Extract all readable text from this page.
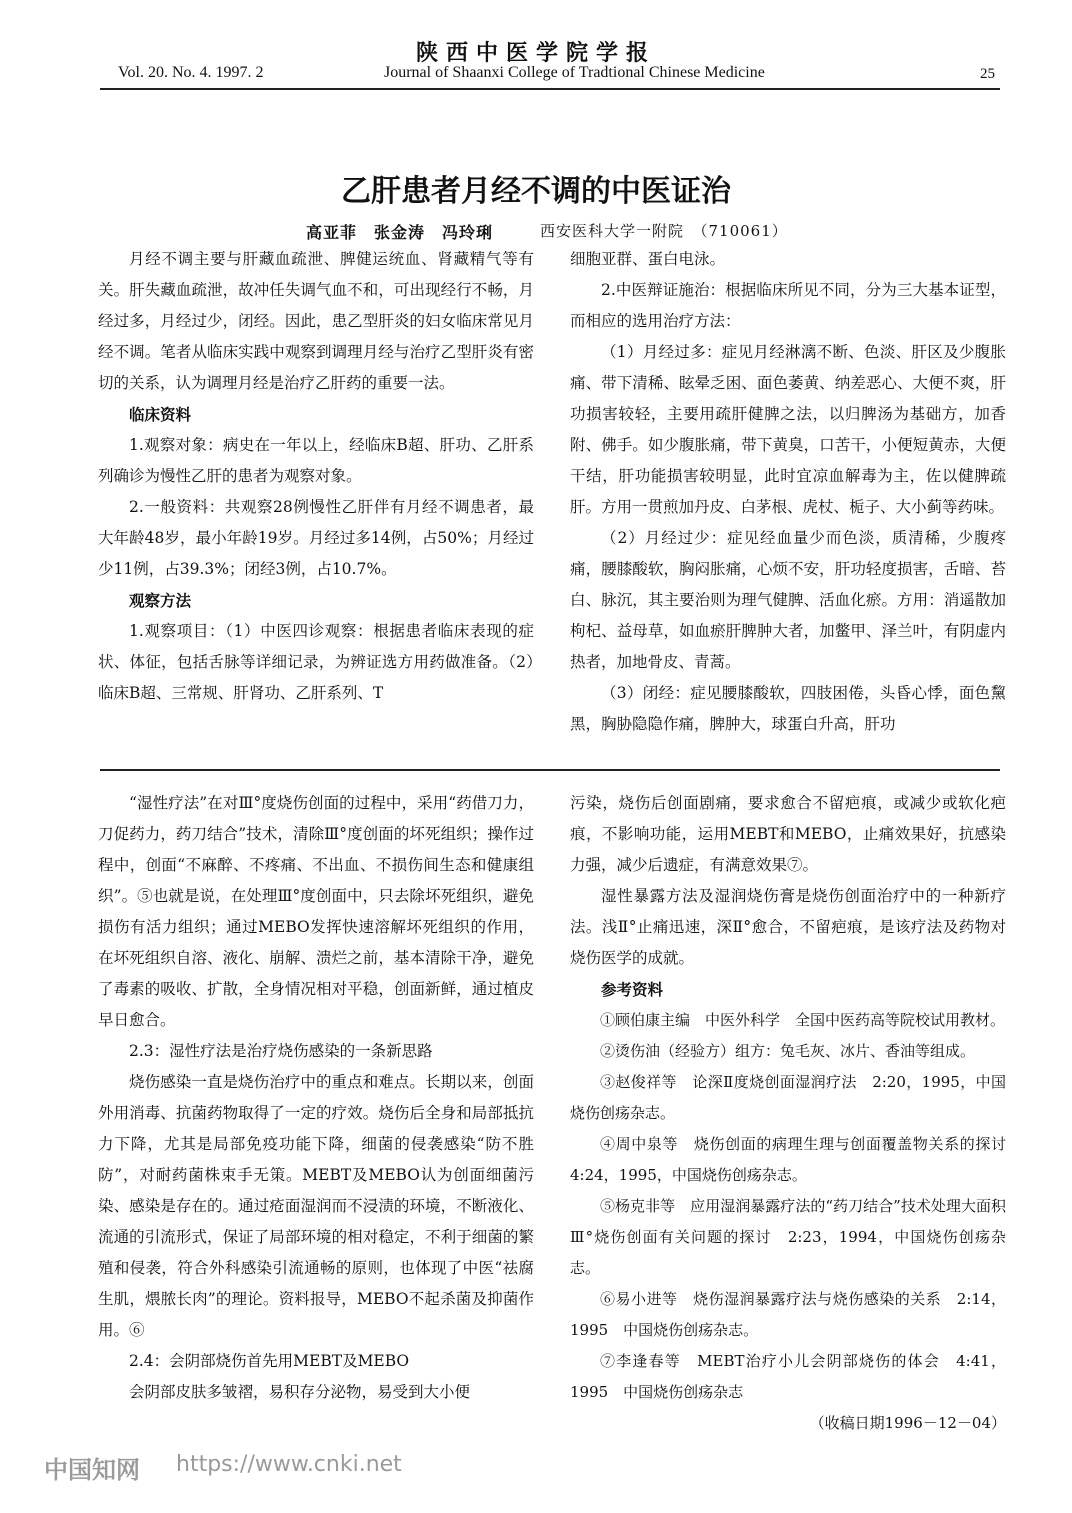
陕西中医学院学报
Vol. 20. No. 4. 1997. 2	Journal of Shaanxi College of Tradtional Chinese Medicine	25
乙肝患者月经不调的中医证治
高亚菲　张金涛　冯玲琍	西安医科大学一附院　（710061）

月经不调主要与肝藏血疏泄、脾健运统血、肾藏精气等有关。肝失藏血疏泄，故冲任失调气血不和，可出现经行不畅，月经过多，月经过少，闭经。因此，患乙型肝炎的妇女临床常见月经不调。笔者从临床实践中观察到调理月经与治疗乙型肝炎有密切的关系，认为调理月经是治疗乙肝药的重要一法。

临床资料

1.观察对象：病史在一年以上，经临床B超、肝功、乙肝系列确诊为慢性乙肝的患者为观察对象。

2.一般资料：共观察28例慢性乙肝伴有月经不调患者，最大年龄48岁，最小年龄19岁。月经过多14例，占50%；月经过少11例，占39.3%；闭经3例，占10.7%。

观察方法

1.观察项目：（1）中医四诊观察：根据患者临床表现的症状、体征，包括舌脉等详细记录，为辨证选方用药做准备。（2）临床B超、三常规、肝肾功、乙肝系列、T

细胞亚群、蛋白电泳。

2.中医辩证施治：根据临床所见不同，分为三大基本证型，而相应的选用治疗方法：

（1）月经过多：症见月经淋漓不断、色淡、肝区及少腹胀痛、带下清稀、眩晕乏困、面色萎黄、纳差恶心、大便不爽，肝功损害较轻，主要用疏肝健脾之法，以归脾汤为基础方，加香附、佛手。如少腹胀痛，带下黄臭，口苦干，小便短黄赤，大便干结，肝功能损害较明显，此时宜凉血解毒为主，佐以健脾疏肝。方用一贯煎加丹皮、白茅根、虎杖、栀子、大小蓟等药味。

（2）月经过少：症见经血量少而色淡，质清稀，少腹疼痛，腰膝酸软，胸闷胀痛，心烦不安，肝功轻度损害，舌暗、苔白、脉沉，其主要治则为理气健脾、活血化瘀。方用：消遥散加枸杞、益母草，如血瘀肝脾肿大者，加鳖甲、泽兰叶，有阴虚内热者，加地骨皮、青蒿。

（3）闭经：症见腰膝酸软，四肢困倦，头昏心悸，面色黧黑，胸胁隐隐作痛，脾肿大，球蛋白升高，肝功

“湿性疗法”在对Ⅲ°度烧伤创面的过程中，采用“药借刀力，刀促药力，药刀结合”技术，清除Ⅲ°度创面的坏死组织；操作过程中，创面“不麻醉、不疼痛、不出血、不损伤间生态和健康组织”。⑤也就是说，在处理Ⅲ°度创面中，只去除坏死组织，避免损伤有活力组织；通过MEBO发挥快速溶解坏死组织的作用，在坏死组织自溶、液化、崩解、溃烂之前，基本清除干净，避免了毒素的吸收、扩散，全身情况相对平稳，创面新鲜，通过植皮早日愈合。

2.3：湿性疗法是治疗烧伤感染的一条新思路

烧伤感染一直是烧伤治疗中的重点和难点。长期以来，创面外用消毒、抗菌药物取得了一定的疗效。烧伤后全身和局部抵抗力下降，尤其是局部免疫功能下降，细菌的侵袭感染“防不胜防”，对耐药菌株束手无策。MEBT及MEBO认为创面细菌污染、感染是存在的。通过疮面湿润而不浸渍的环境，不断液化、流通的引流形式，保证了局部环境的相对稳定，不利于细菌的繁殖和侵袭，符合外科感染引流通畅的原则，也体现了中医“祛腐生肌，煨脓长肉”的理论。资料报导，MEBO不起杀菌及抑菌作用。⑥

2.4：会阴部烧伤首先用MEBT及MEBO

会阴部皮肤多皱褶，易积存分泌物，易受到大小便

污染，烧伤后创面剧痛，要求愈合不留疤痕，或减少或软化疤痕，不影响功能，运用MEBT和MEBO，止痛效果好，抗感染力强，减少后遗症，有满意效果⑦。

湿性暴露方法及湿润烧伤膏是烧伤创面治疗中的一种新疗法。浅Ⅱ°止痛迅速，深Ⅱ°愈合，不留疤痕，是该疗法及药物对烧伤医学的成就。

参考资料

①顾伯康主编　中医外科学　全国中医药高等院校试用教材。

②烫伤油（经验方）组方：兔毛灰、冰片、香油等组成。

③赵俊祥等　论深Ⅱ度烧创面湿润疗法　2:20，1995，中国烧伤创疡杂志。

④周中泉等　烧伤创面的病理生理与创面覆盖物关系的探讨　4:24，1995，中国烧伤创疡杂志。

⑤杨克非等　应用湿润暴露疗法的“药刀结合”技术处理大面积Ⅲ°烧伤创面有关问题的探讨　2:23，1994，中国烧伤创疡杂志。

⑥易小进等　烧伤湿润暴露疗法与烧伤感染的关系　2:14，1995　中国烧伤创疡杂志。

⑦李逢春等　MEBT治疗小儿会阴部烧伤的体会　4:41，1995　中国烧伤创疡杂志

（收稿日期1996－12－04）

中国知网 https://www.cnki.net
